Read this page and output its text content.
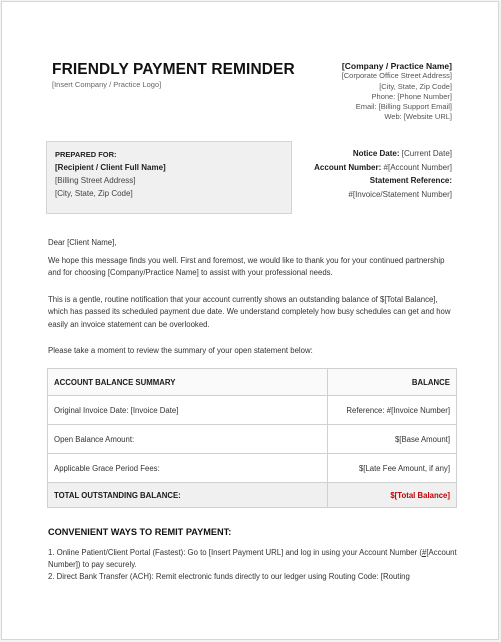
FRIENDLY PAYMENT REMINDER
[Insert Company / Practice Logo]
[Company / Practice Name]
[Corporate Office Street Address]
[City, State, Zip Code]
Phone: [Phone Number]
Email: [Billing Support Email]
Web: [Website URL]
PREPARED FOR:
[Recipient / Client Full Name]
[Billing Street Address]
[City, State, Zip Code]
Notice Date: [Current Date]
Account Number: #[Account Number]
Statement Reference:
#[Invoice/Statement Number]
Dear [Client Name],
We hope this message finds you well. First and foremost, we would like to thank you for your continued partnership and for choosing [Company/Practice Name] to assist with your professional needs.
This is a gentle, routine notification that your account currently shows an outstanding balance of $[Total Balance], which has passed its scheduled payment due date. We understand completely how busy schedules can get and how easily an invoice statement can be overlooked.
Please take a moment to review the summary of your open statement below:
ACCOUNT BALANCE SUMMARY	BALANCE
Original Invoice Date: [Invoice Date]	Reference: #[Invoice Number]
Open Balance Amount:	$[Base Amount]
Applicable Grace Period Fees:	$[Late Fee Amount, if any]
TOTAL OUTSTANDING BALANCE:	$[Total Balance]
CONVENIENT WAYS TO REMIT PAYMENT:
1. Online Patient/Client Portal (Fastest): Go to [Insert Payment URL] and log in using your Account Number (#[Account Number]) to pay securely.
2. Direct Bank Transfer (ACH): Remit electronic funds directly to our ledger using Routing Code: [Routing
